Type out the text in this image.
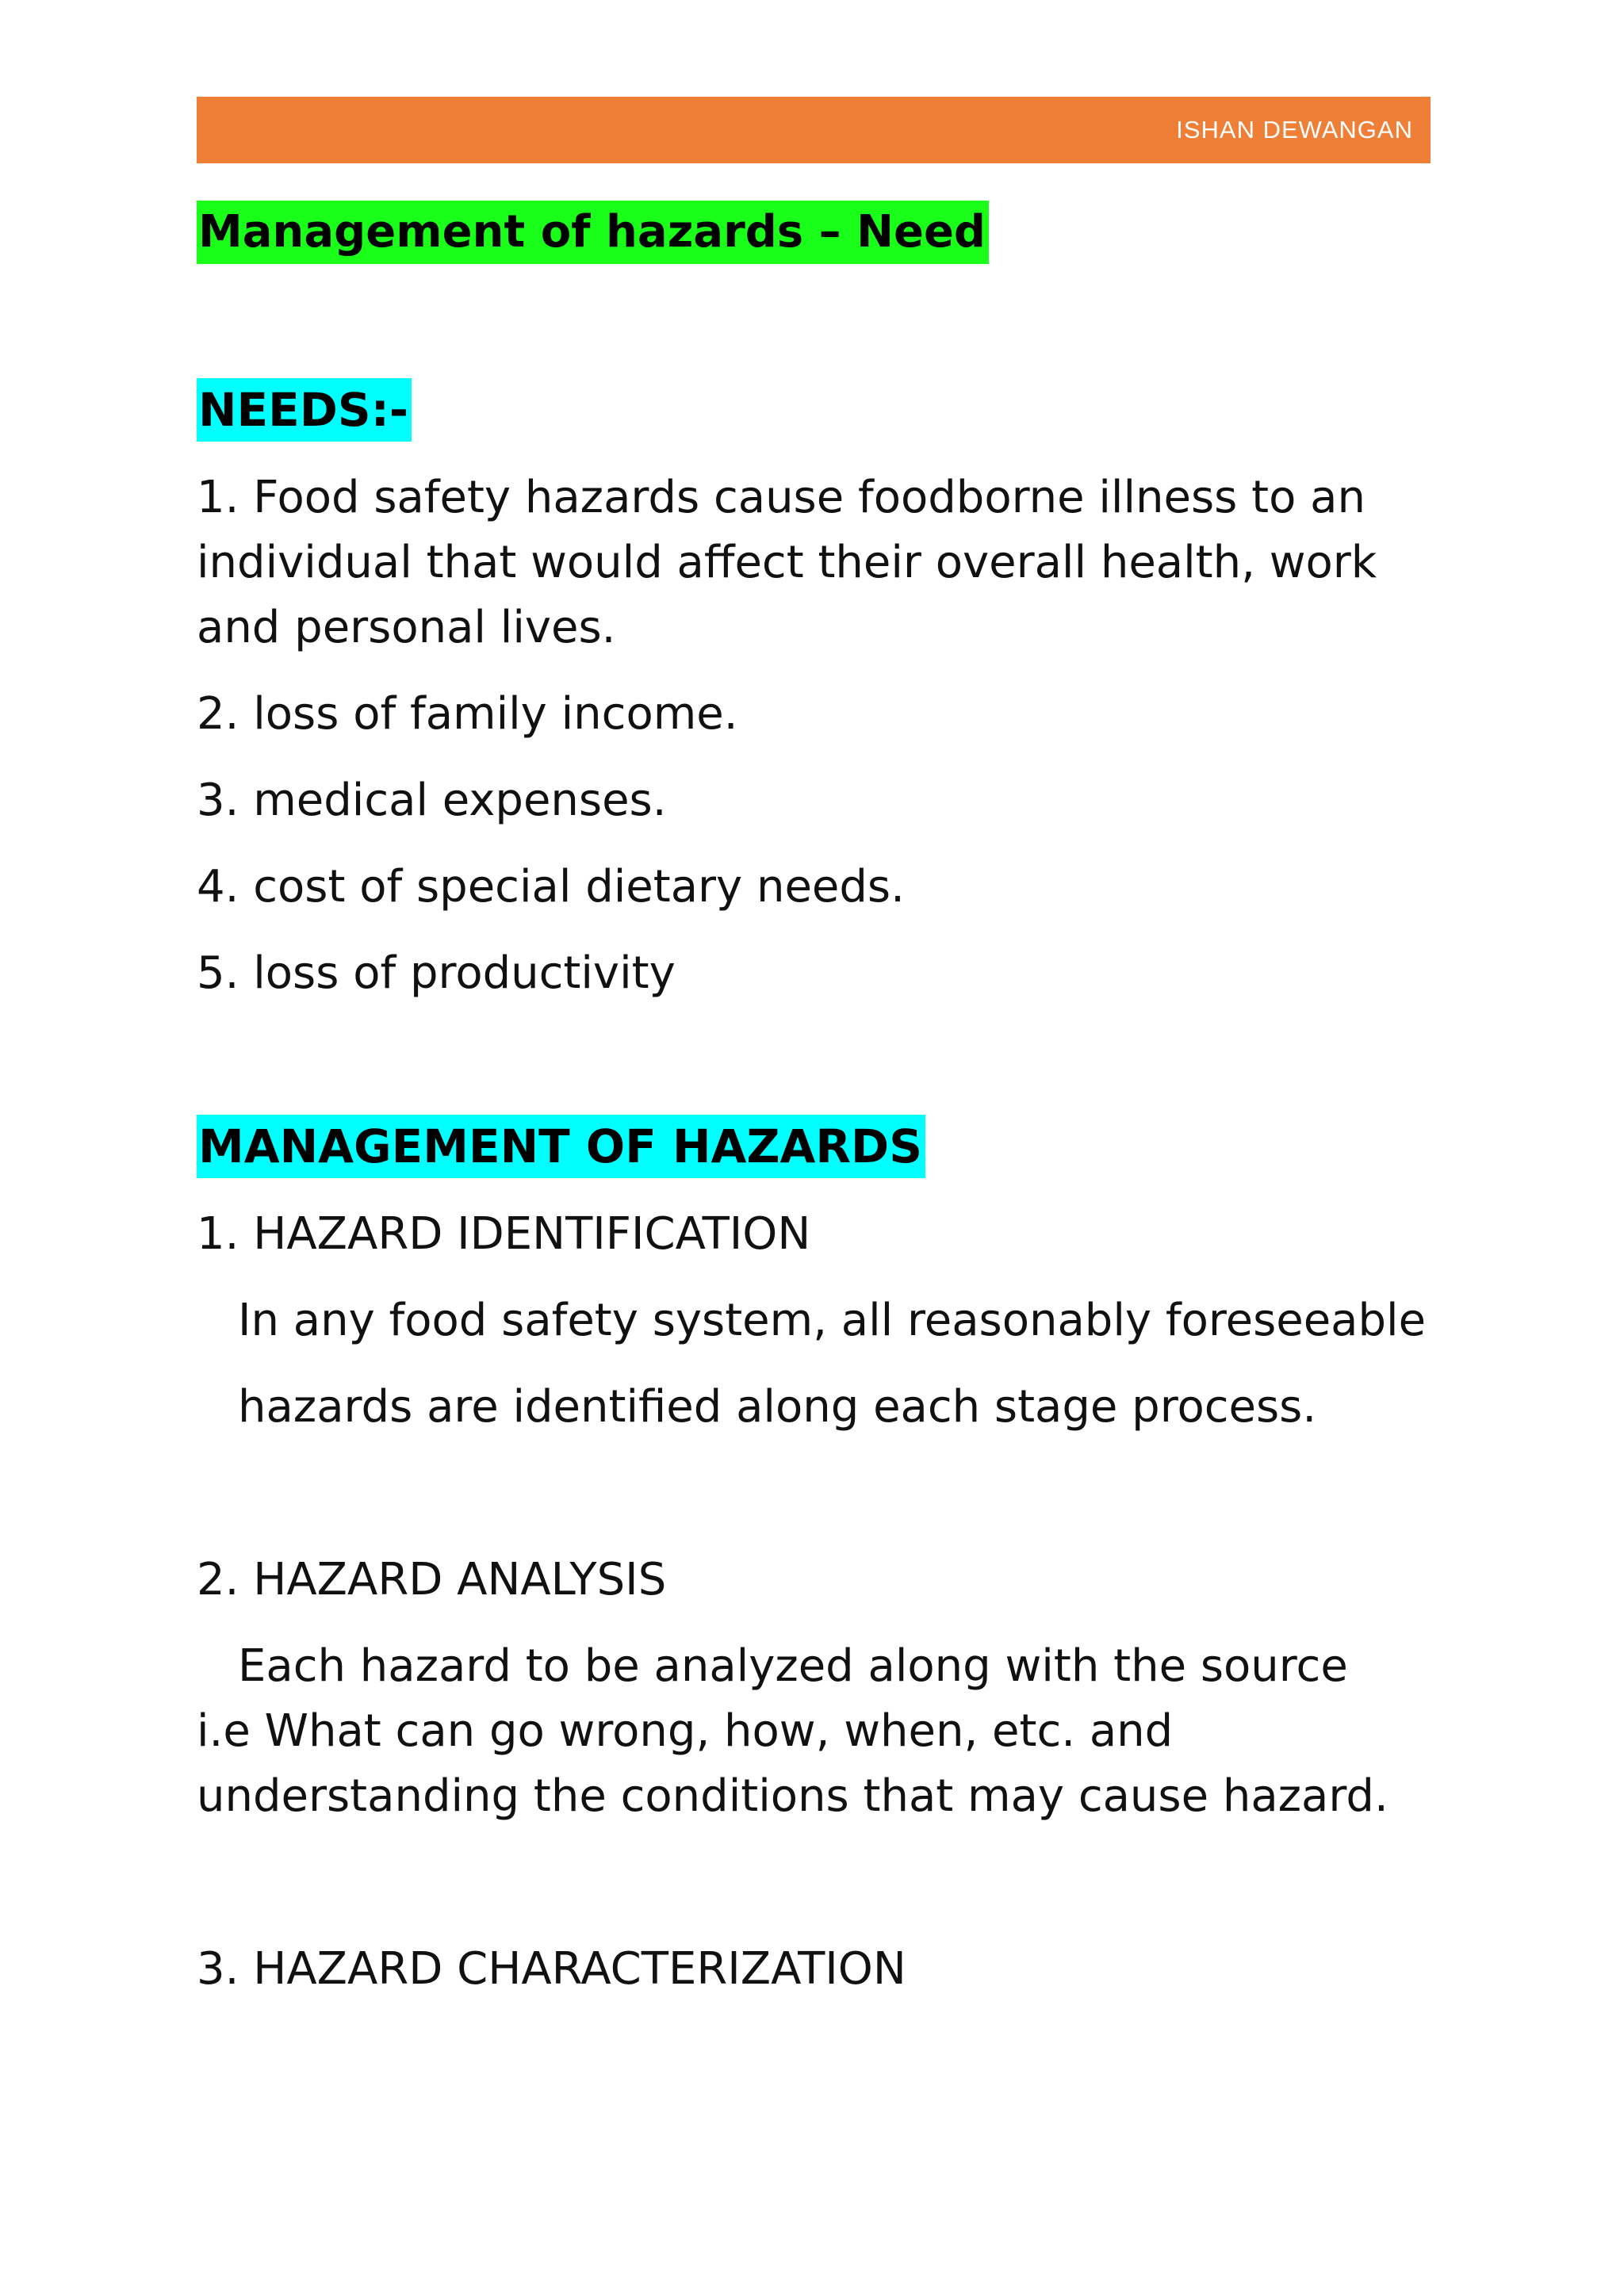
ISHAN DEWANGAN
Management of hazards – Need
NEEDS:-
1. Food safety hazards cause foodborne illness to an
individual that would affect their overall health, work
and personal lives.
2. loss of family income.
3. medical expenses.
4. cost of special dietary needs.
5. loss of productivity
MANAGEMENT OF HAZARDS
1. HAZARD IDENTIFICATION
In any food safety system, all reasonably foreseeable
hazards are identified along each stage process.
2. HAZARD ANALYSIS
Each hazard to be analyzed along with the source
i.e What can go wrong, how, when, etc. and
understanding the conditions that may cause hazard.
3. HAZARD CHARACTERIZATION
